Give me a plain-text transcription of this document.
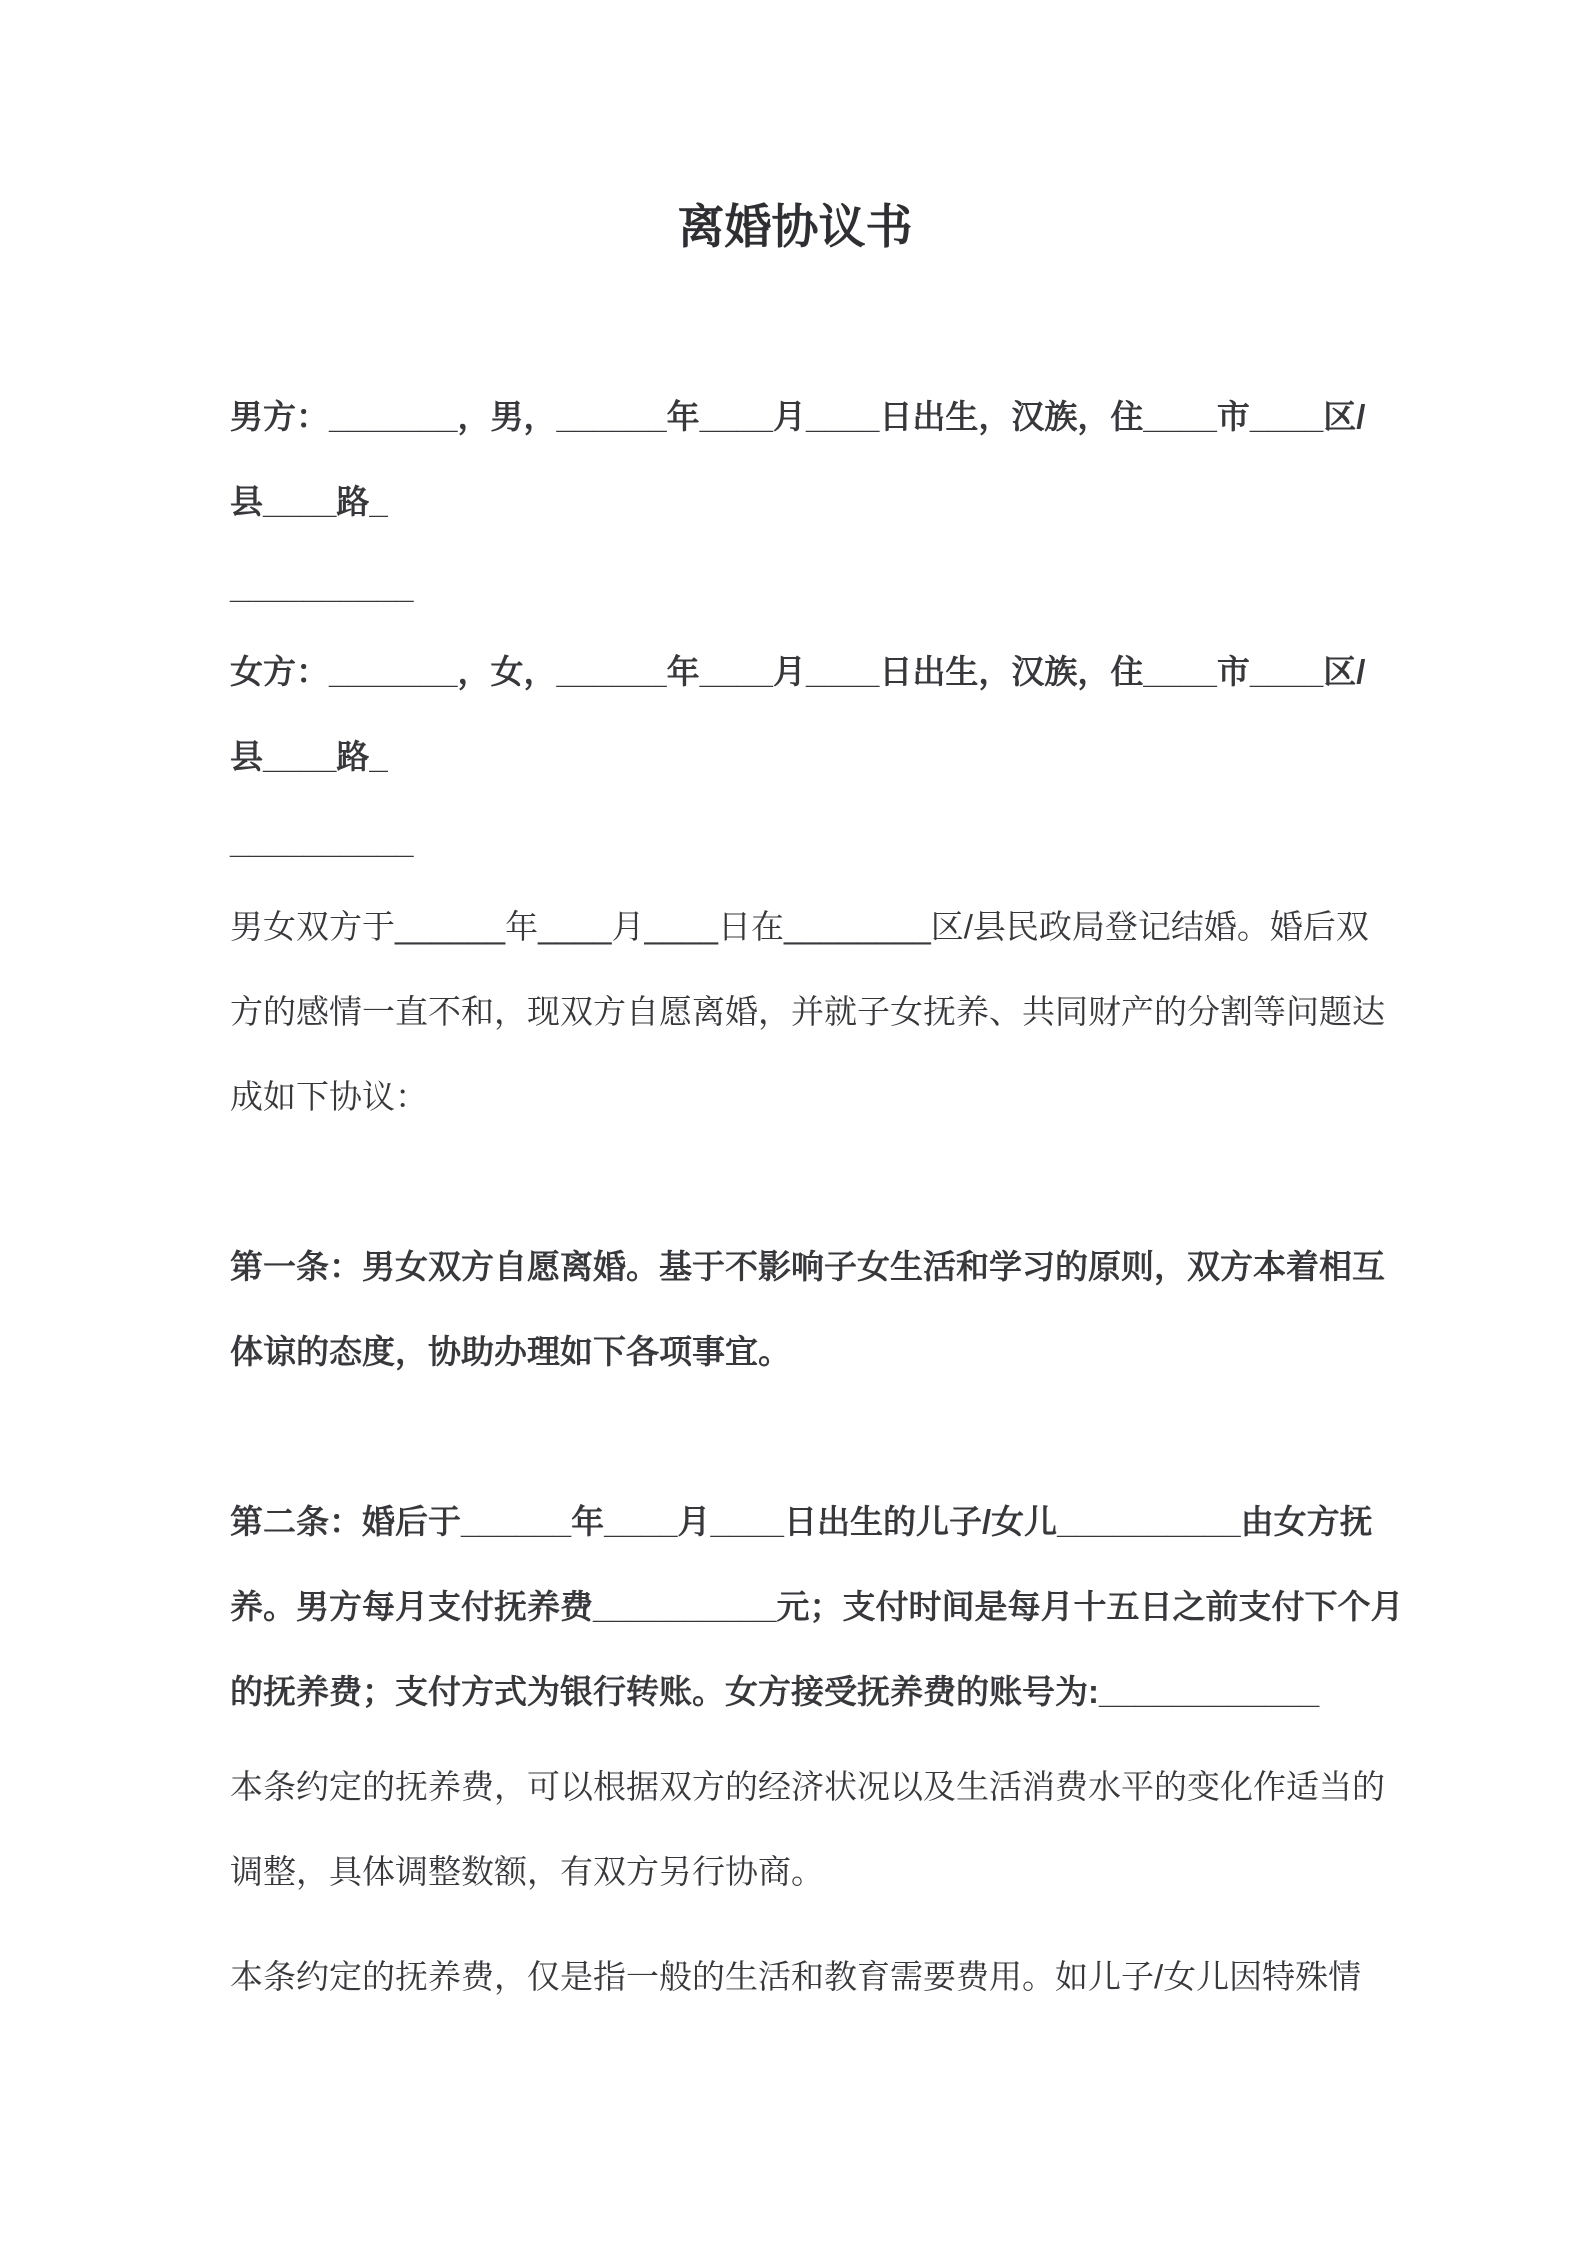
离婚协议书
男方：_______，男，______年____月____日出生，汉族，住____市____区/
县____路_
__________
女方：_______，女，______年____月____日出生，汉族，住____市____区/
县____路_
__________
男女双方于______年____月____日在________区/县民政局登记结婚。婚后双
方的感情一直不和，现双方自愿离婚，并就子女抚养、共同财产的分割等问题达
成如下协议：
第一条：男女双方自愿离婚。基于不影响子女生活和学习的原则，双方本着相互
体谅的态度，协助办理如下各项事宜。
第二条：婚后于______年____月____日出生的儿子/女儿__________由女方抚
养。男方每月支付抚养费__________元；支付时间是每月十五日之前支付下个月
的抚养费；支付方式为银行转账。女方接受抚养费的账号为:____________
本条约定的抚养费，可以根据双方的经济状况以及生活消费水平的变化作适当的
调整，具体调整数额，有双方另行协商。
本条约定的抚养费，仅是指一般的生活和教育需要费用。如儿子/女儿因特殊情
